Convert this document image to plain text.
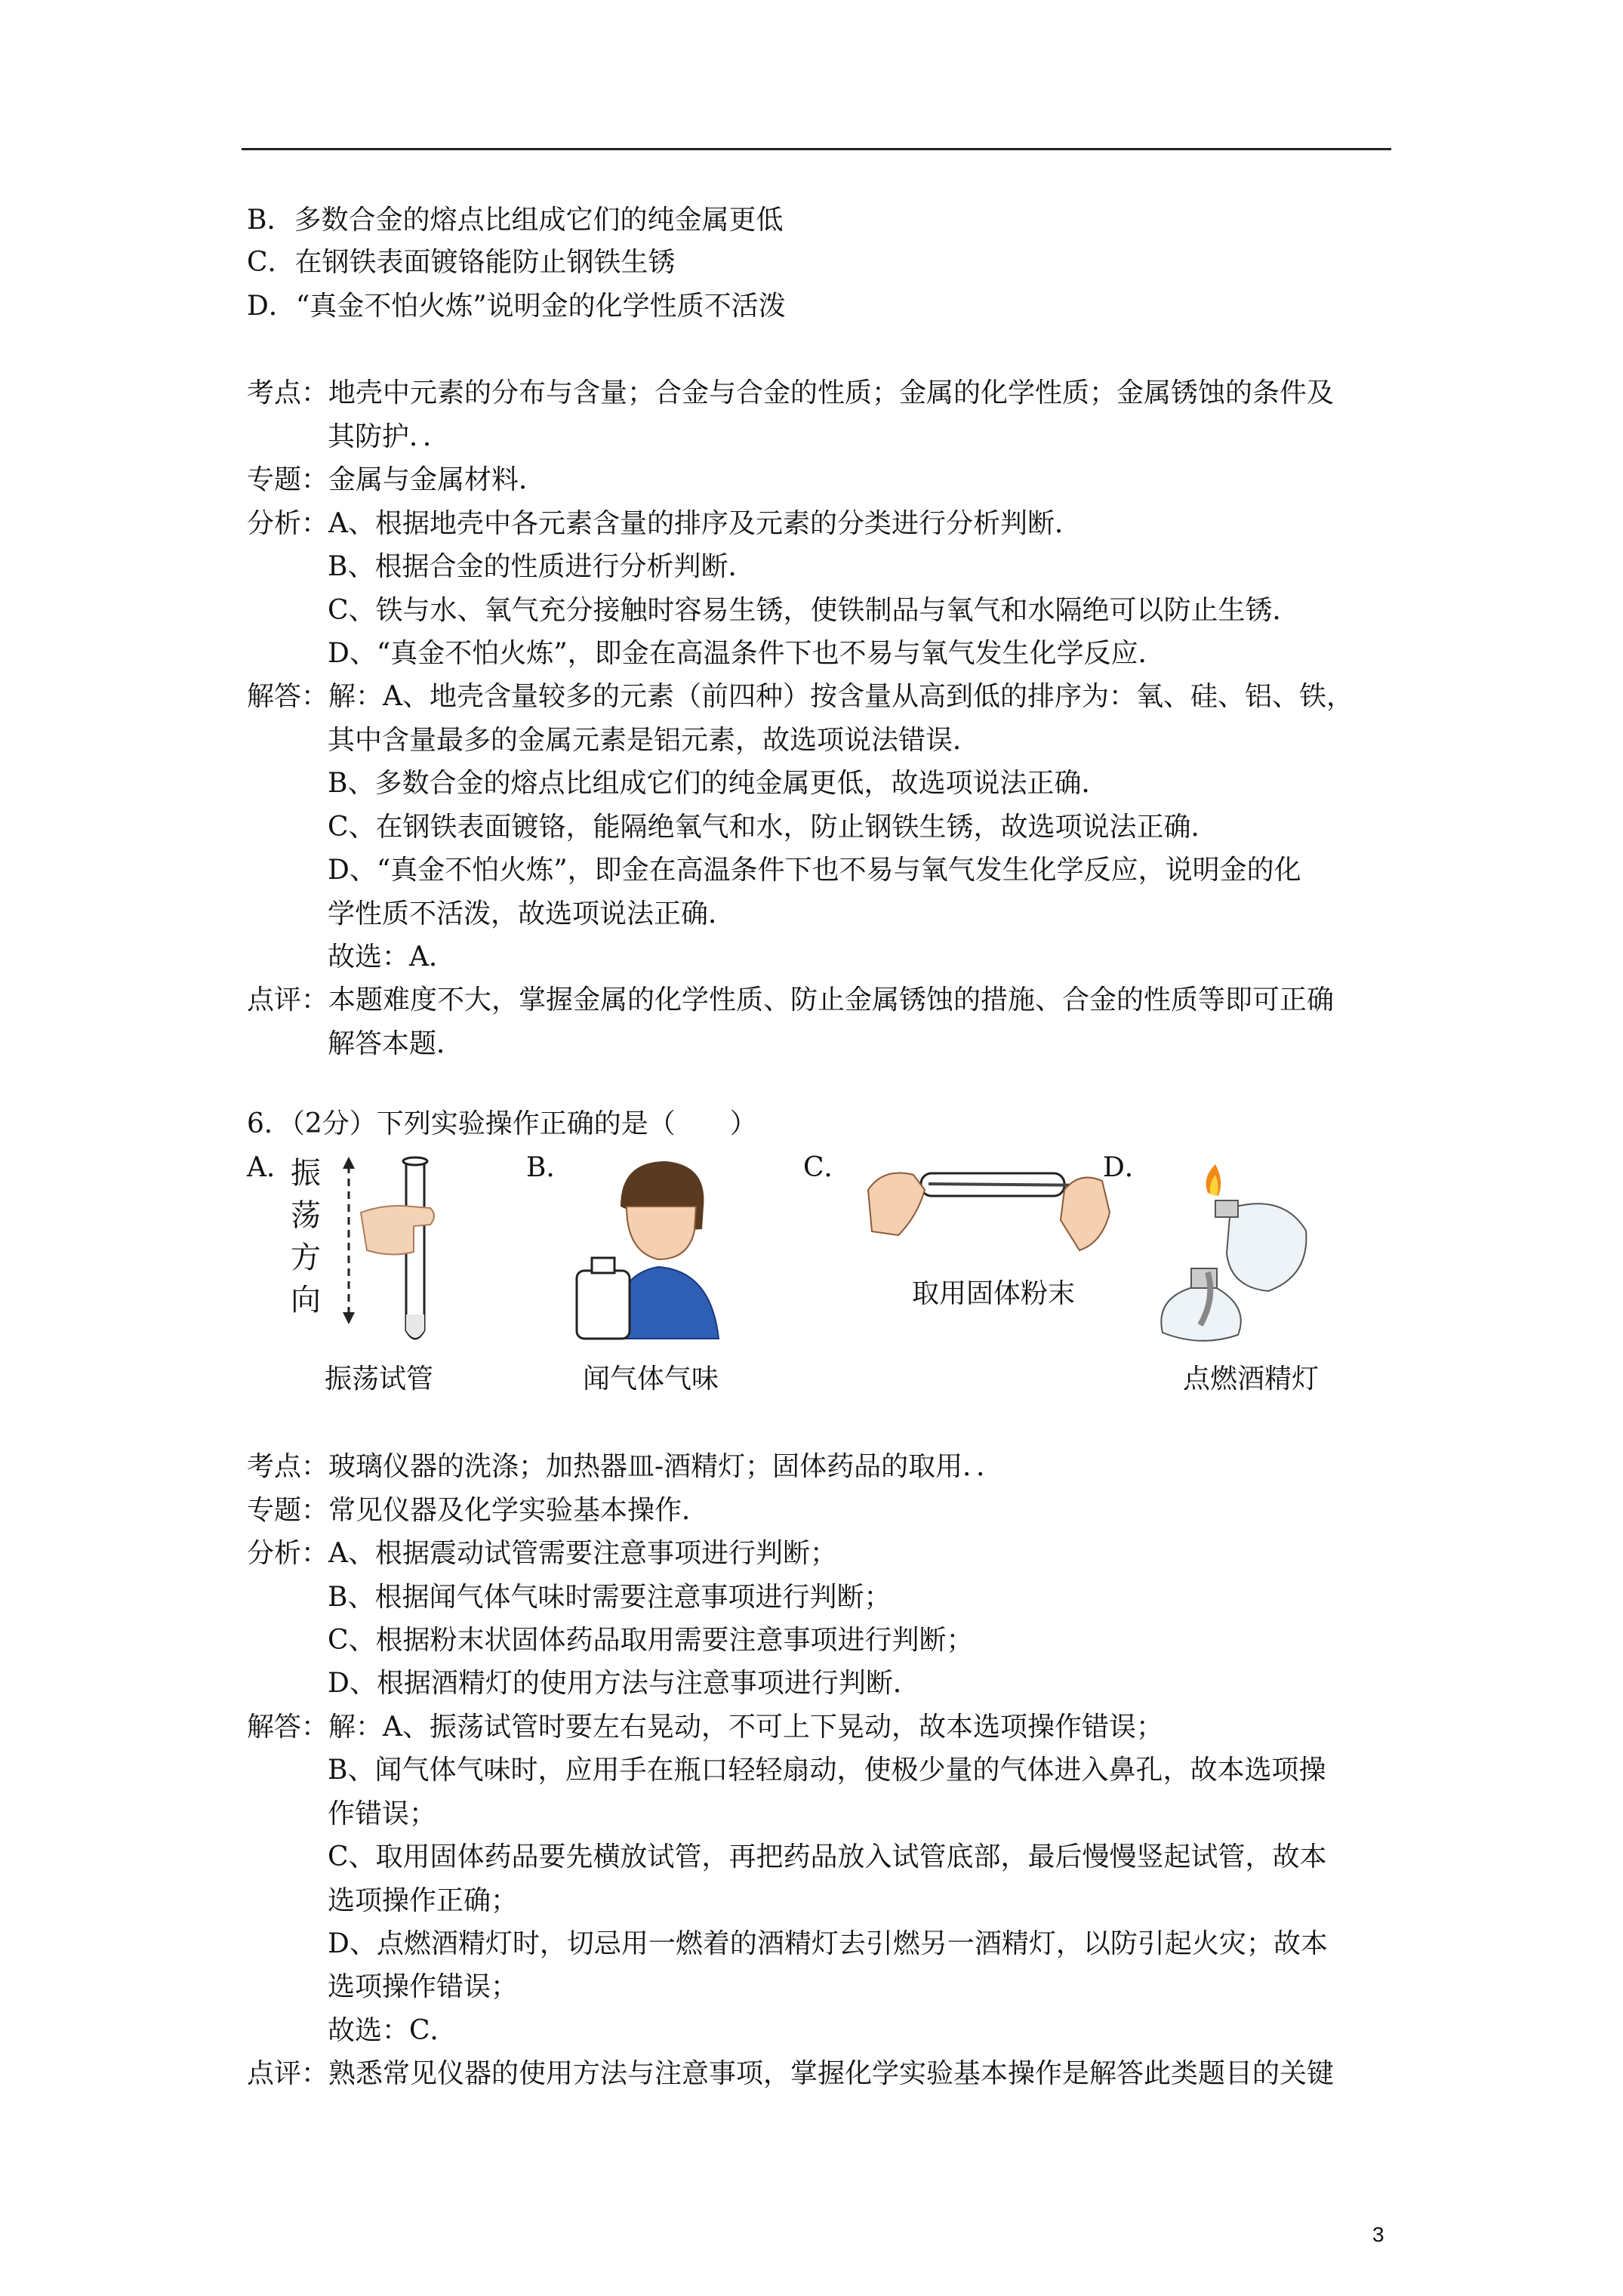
B．多数合金的熔点比组成它们的纯金属更低
C．在钢铁表面镀铬能防止钢铁生锈
D．“真金不怕火炼”说明金的化学性质不活泼
考点：地壳中元素的分布与含量；合金与合金的性质；金属的化学性质；金属锈蚀的条件及
其防护．．
专题：金属与金属材料．
分析：A、根据地壳中各元素含量的排序及元素的分类进行分析判断．
B、根据合金的性质进行分析判断．
C、铁与水、氧气充分接触时容易生锈，使铁制品与氧气和水隔绝可以防止生锈．
D、“真金不怕火炼”，即金在高温条件下也不易与氧气发生化学反应．
解答：解：A、地壳含量较多的元素（前四种）按含量从高到低的排序为：氧、硅、铝、铁，
其中含量最多的金属元素是铝元素，故选项说法错误．
B、多数合金的熔点比组成它们的纯金属更低，故选项说法正确．
C、在钢铁表面镀铬，能隔绝氧气和水，防止钢铁生锈，故选项说法正确．
D、“真金不怕火炼”，即金在高温条件下也不易与氧气发生化学反应，说明金的化
学性质不活泼，故选项说法正确．
故选：A．
点评：本题难度不大，掌握金属的化学性质、防止金属锈蚀的措施、合金的性质等即可正确
解答本题．
6．（2分）下列实验操作正确的是（　　）
A．	B．	C．	D．
振
荡
方
向
振荡试管	闻气体气味
取用固体粉末
点燃酒精灯
考点：玻璃仪器的洗涤；加热器皿-酒精灯；固体药品的取用．．
专题：常见仪器及化学实验基本操作．
分析：A、根据震动试管需要注意事项进行判断；
B、根据闻气体气味时需要注意事项进行判断；
C、根据粉末状固体药品取用需要注意事项进行判断；
D、根据酒精灯的使用方法与注意事项进行判断．
解答：解：A、振荡试管时要左右晃动，不可上下晃动，故本选项操作错误；
B、闻气体气味时，应用手在瓶口轻轻扇动，使极少量的气体进入鼻孔，故本选项操
作错误；
C、取用固体药品要先横放试管，再把药品放入试管底部，最后慢慢竖起试管，故本
选项操作正确；
D、点燃酒精灯时，切忌用一燃着的酒精灯去引燃另一酒精灯，以防引起火灾；故本
选项操作错误；
故选：C．
点评：熟悉常见仪器的使用方法与注意事项，掌握化学实验基本操作是解答此类题目的关键
3
